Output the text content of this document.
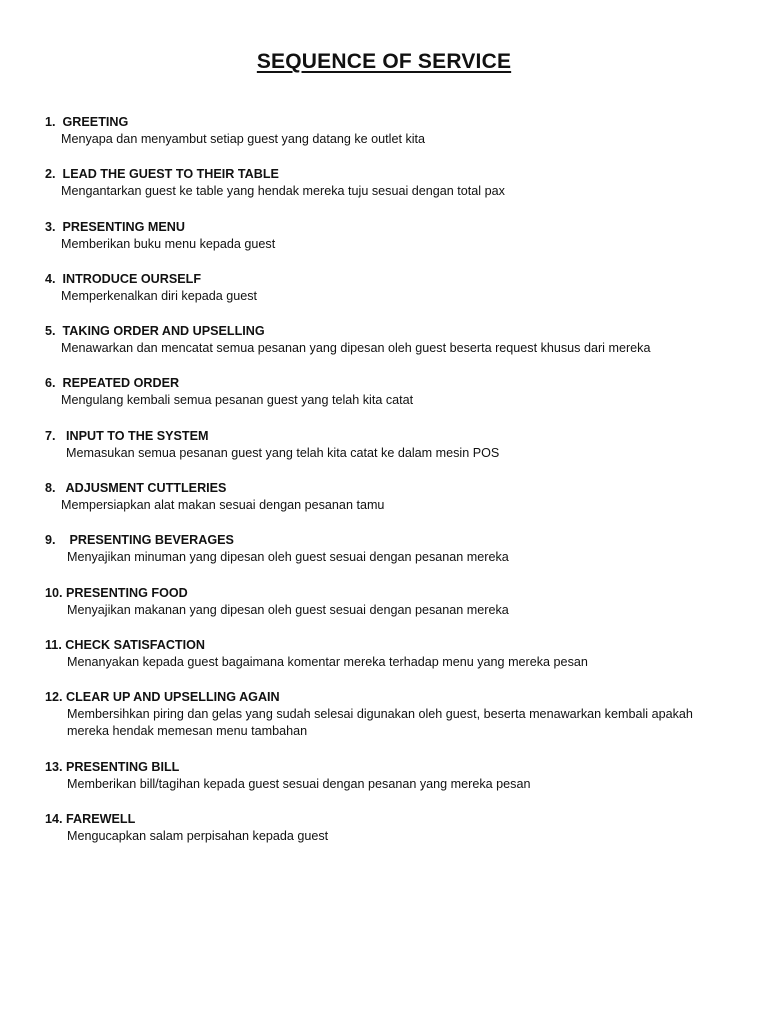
SEQUENCE OF SERVICE
1.  GREETING
Menyapa dan menyambut setiap guest yang datang ke outlet kita
2.  LEAD THE GUEST TO THEIR TABLE
Mengantarkan guest ke table yang hendak mereka tuju sesuai dengan total pax
3.  PRESENTING MENU
Memberikan buku menu kepada guest
4.  INTRODUCE OURSELF
Memperkenalkan diri kepada guest
5.  TAKING ORDER AND UPSELLING
Menawarkan dan mencatat semua pesanan yang dipesan oleh guest beserta request khusus dari mereka
6.  REPEATED ORDER
Mengulang kembali semua pesanan guest yang telah kita catat
7.   INPUT TO THE SYSTEM
Memasukan semua pesanan guest yang telah kita catat ke dalam mesin POS
8.   ADJUSMENT CUTTLERIES
Mempersiapkan alat makan sesuai dengan pesanan tamu
9.    PRESENTING BEVERAGES
Menyajikan minuman yang dipesan oleh guest sesuai dengan pesanan mereka
10. PRESENTING FOOD
Menyajikan makanan yang dipesan oleh guest sesuai dengan pesanan mereka
11. CHECK SATISFACTION
Menanyakan kepada guest bagaimana komentar mereka terhadap menu yang mereka pesan
12. CLEAR UP AND UPSELLING AGAIN
Membersihkan piring dan gelas yang sudah selesai digunakan oleh guest, beserta menawarkan kembali apakah mereka hendak memesan menu tambahan
13. PRESENTING BILL
Memberikan bill/tagihan kepada guest sesuai dengan pesanan yang mereka pesan
14. FAREWELL
Mengucapkan salam perpisahan kepada guest
